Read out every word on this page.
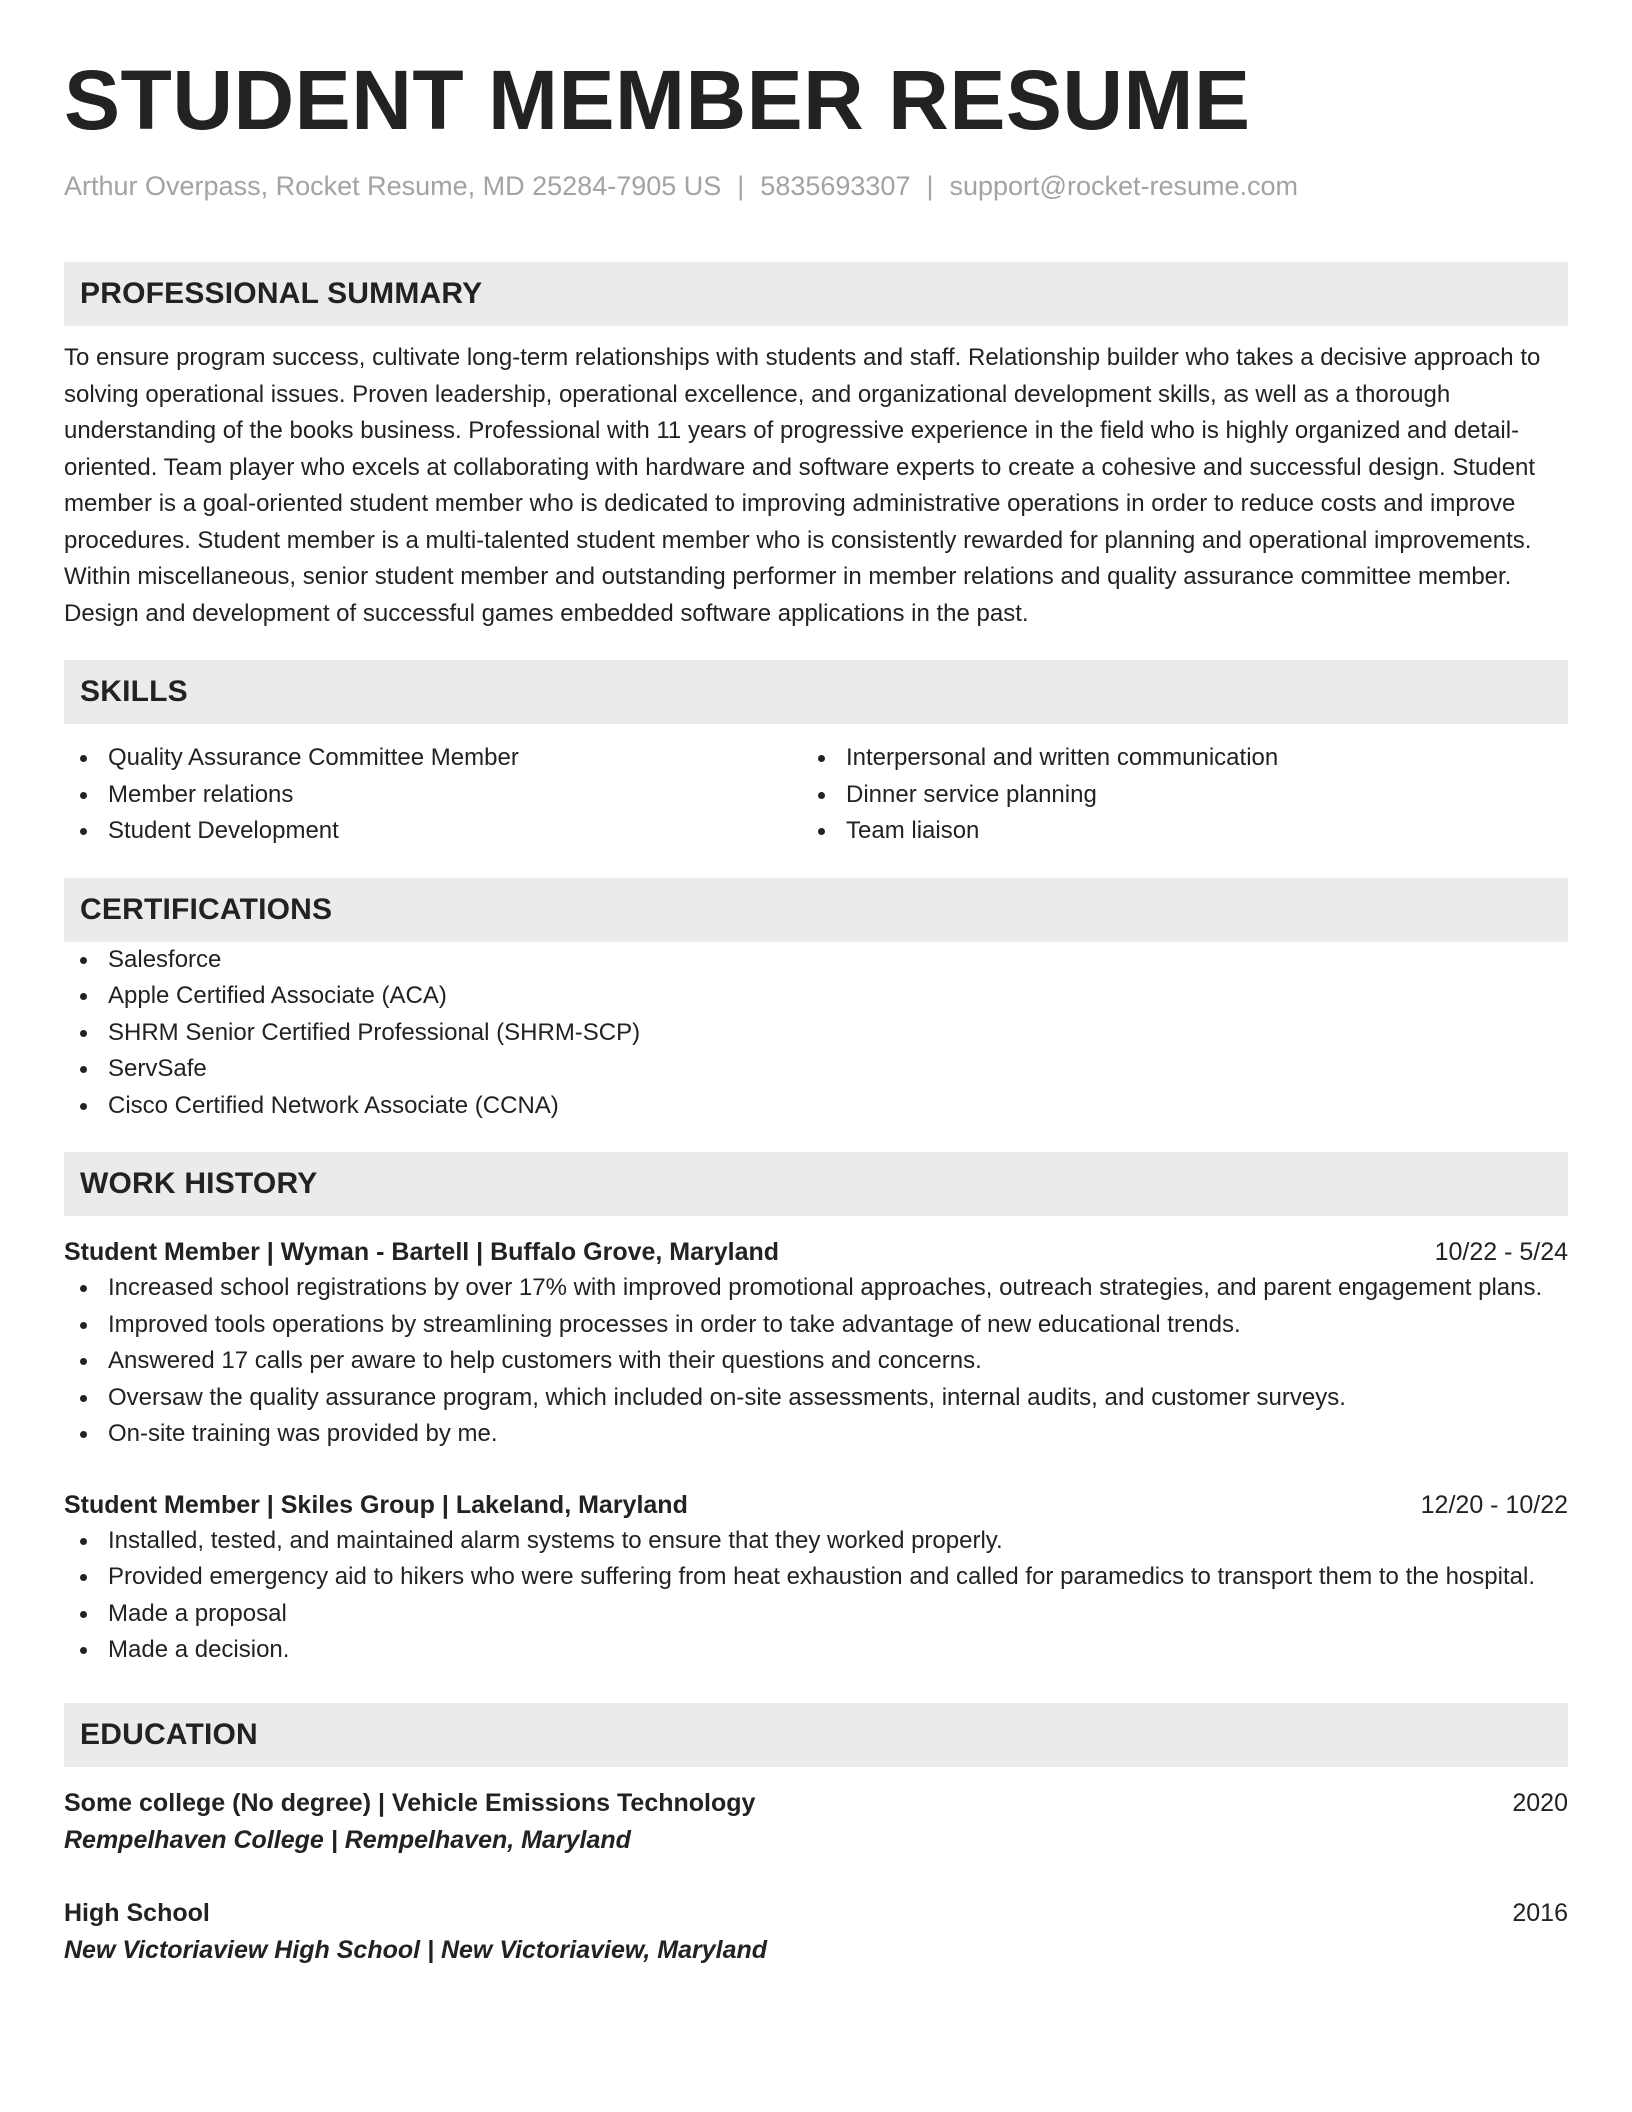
STUDENT MEMBER RESUME
Arthur Overpass, Rocket Resume, MD 25284-7905 US | 5835693307 | support@rocket-resume.com
PROFESSIONAL SUMMARY
To ensure program success, cultivate long-term relationships with students and staff. Relationship builder who takes a decisive approach to solving operational issues. Proven leadership, operational excellence, and organizational development skills, as well as a thorough understanding of the books business. Professional with 11 years of progressive experience in the field who is highly organized and detail-oriented. Team player who excels at collaborating with hardware and software experts to create a cohesive and successful design. Student member is a goal-oriented student member who is dedicated to improving administrative operations in order to reduce costs and improve procedures. Student member is a multi-talented student member who is consistently rewarded for planning and operational improvements. Within miscellaneous, senior student member and outstanding performer in member relations and quality assurance committee member. Design and development of successful games embedded software applications in the past.
SKILLS
Quality Assurance Committee Member
Member relations
Student Development
Interpersonal and written communication
Dinner service planning
Team liaison
CERTIFICATIONS
Salesforce
Apple Certified Associate (ACA)
SHRM Senior Certified Professional (SHRM-SCP)
ServSafe
Cisco Certified Network Associate (CCNA)
WORK HISTORY
Student Member | Wyman - Bartell | Buffalo Grove, Maryland	10/22 - 5/24
Increased school registrations by over 17% with improved promotional approaches, outreach strategies, and parent engagement plans.
Improved tools operations by streamlining processes in order to take advantage of new educational trends.
Answered 17 calls per aware to help customers with their questions and concerns.
Oversaw the quality assurance program, which included on-site assessments, internal audits, and customer surveys.
On-site training was provided by me.
Student Member | Skiles Group | Lakeland, Maryland	12/20 - 10/22
Installed, tested, and maintained alarm systems to ensure that they worked properly.
Provided emergency aid to hikers who were suffering from heat exhaustion and called for paramedics to transport them to the hospital.
Made a proposal
Made a decision.
EDUCATION
Some college (No degree) | Vehicle Emissions Technology	2020
Rempelhaven College | Rempelhaven, Maryland
High School	2016
New Victoriaview High School | New Victoriaview, Maryland
